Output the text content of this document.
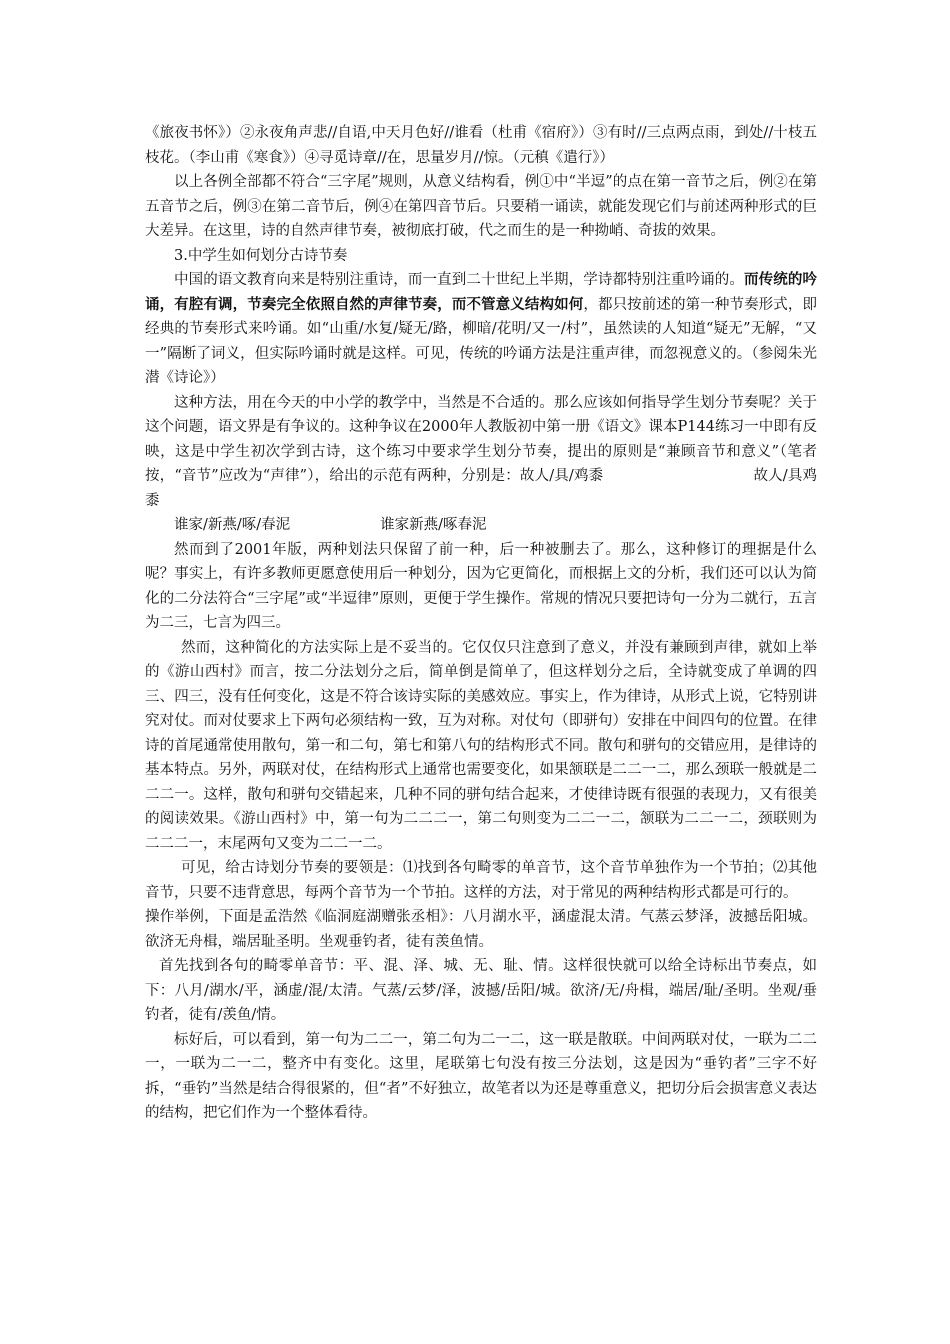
《旅夜书怀》）②永夜角声悲//自语,中天月色好//谁看（杜甫《宿府》）③有时//三点两点雨，到处//十枝五枝花。（李山甫《寒食》）④寻觅诗章//在，思量岁月//惊。（元稹《遣行》）

以上各例全部都不符合“三字尾”规则，从意义结构看，例①中“半逗”的点在第一音节之后，例②在第五音节之后，例③在第二音节后，例④在第四音节后。只要稍一诵读，就能发现它们与前述两种形式的巨大差异。在这里，诗的自然声律节奏，被彻底打破，代之而生的是一种拗峭、奇拔的效果。

3.中学生如何划分古诗节奏

中国的语文教育向来是特别注重诗，而一直到二十世纪上半期，学诗都特别注重吟诵的。而传统的吟诵，有腔有调，节奏完全依照自然的声律节奏，而不管意义结构如何，都只按前述的第一种节奏形式，即经典的节奏形式来吟诵。如“山重/水复/疑无/路，柳暗/花明/又一/村”，虽然读的人知道“疑无”无解，“又一”隔断了词义，但实际吟诵时就是这样。可见，传统的吟诵方法是注重声律，而忽视意义的。（参阅朱光潜《诗论》）

这种方法，用在今天的中小学的教学中，当然是不合适的。那么应该如何指导学生划分节奏呢？关于这个问题，语文界是有争议的。这种争议在2000年人教版初中第一册《语文》课本P144练习一中即有反映，这是中学生初次学到古诗，这个练习中要求学生划分节奏，提出的原则是“兼顾音节和意义”（笔者按，“音节”应改为“声律”），给出的示范有两种，分别是：故人/具/鸡黍	故人/具鸡黍

谁家/新燕/啄/春泥	谁家新燕/啄春泥

然而到了2001年版，两种划法只保留了前一种，后一种被删去了。那么，这种修订的理据是什么呢？事实上，有许多教师更愿意使用后一种划分，因为它更简化，而根据上文的分析，我们还可以认为简化的二分法符合“三字尾”或“半逗律”原则，更便于学生操作。常规的情况只要把诗句一分为二就行，五言为二三，七言为四三。

然而，这种简化的方法实际上是不妥当的。它仅仅只注意到了意义，并没有兼顾到声律，就如上举的《游山西村》而言，按二分法划分之后，简单倒是简单了，但这样划分之后，全诗就变成了单调的四三、四三，没有任何变化，这是不符合该诗实际的美感效应。事实上，作为律诗，从形式上说，它特别讲究对仗。而对仗要求上下两句必须结构一致，互为对称。对仗句（即骈句）安排在中间四句的位置。在律诗的首尾通常使用散句，第一和二句，第七和第八句的结构形式不同。散句和骈句的交错应用，是律诗的基本特点。另外，两联对仗，在结构形式上通常也需要变化，如果颔联是二二一二，那么颈联一般就是二二二一。这样，散句和骈句交错起来，几种不同的骈句结合起来，才使律诗既有很强的表现力，又有很美的阅读效果。《游山西村》中，第一句为二二二一，第二句则变为二二一二，颔联为二二一二，颈联则为二二二一，末尾两句又变为二二一二。

可见，给古诗划分节奏的要领是：⑴找到各句畸零的单音节，这个音节单独作为一个节拍；⑵其他音节，只要不违背意思，每两个音节为一个节拍。这样的方法，对于常见的两种结构形式都是可行的。

操作举例，下面是孟浩然《临洞庭湖赠张丞相》：八月湖水平，涵虚混太清。气蒸云梦泽，波撼岳阳城。欲济无舟楫，端居耻圣明。坐观垂钓者，徒有羡鱼情。

首先找到各句的畸零单音节：平、混、泽、城、无、耻、情。这样很快就可以给全诗标出节奏点，如下：八月/湖水/平，涵虚/混/太清。气蒸/云梦/泽，波撼/岳阳/城。欲济/无/舟楫，端居/耻/圣明。坐观/垂钓者，徒有/羡鱼/情。

标好后，可以看到，第一句为二二一，第二句为二一二，这一联是散联。中间两联对仗，一联为二二一，一联为二一二，整齐中有变化。这里，尾联第七句没有按三分法划，这是因为“垂钓者”三字不好拆，“垂钓”当然是结合得很紧的，但“者”不好独立，故笔者以为还是尊重意义，把切分后会损害意义表达的结构，把它们作为一个整体看待。
